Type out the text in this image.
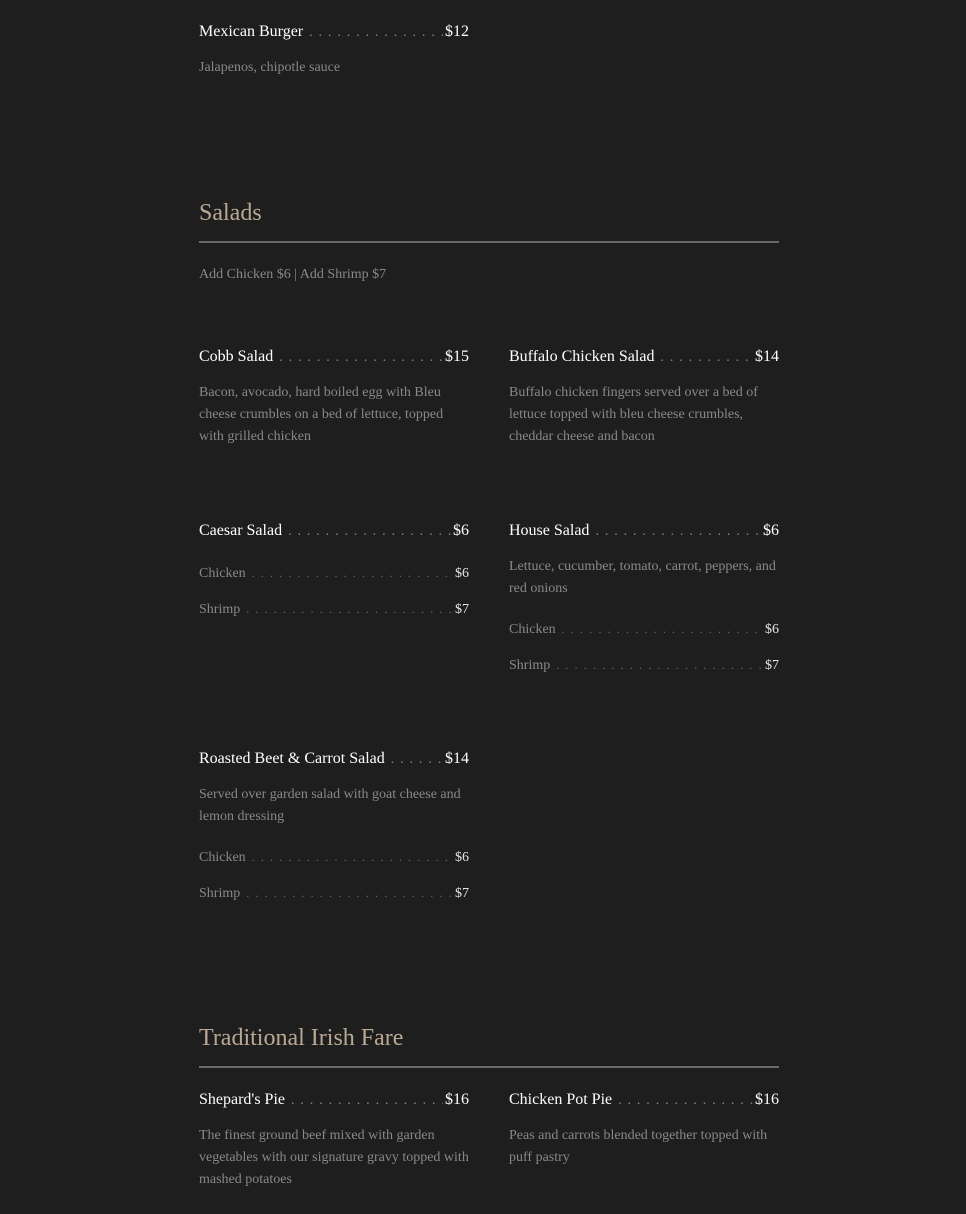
Mexican Burger . . .	$12
Jalapenos, chipotle sauce
Salads
Add Chicken $6 | Add Shrimp $7
Cobb Salad . . .	$15
Bacon, avocado, hard boiled egg with Bleu cheese crumbles on a bed of lettuce, topped with grilled chicken
Buffalo Chicken Salad . . .	$14
Buffalo chicken fingers served over a bed of lettuce topped with bleu cheese crumbles, cheddar cheese and bacon
Caesar Salad . . .	$6
Chicken . . .	$6
Shrimp . . .	$7
House Salad . . .	$6
Lettuce, cucumber, tomato, carrot, peppers, and red onions
Chicken . . .	$6
Shrimp . . .	$7
Roasted Beet & Carrot Salad . . .	$14
Served over garden salad with goat cheese and lemon dressing
Chicken . . .	$6
Shrimp . . .	$7
Traditional Irish Fare
Shepard's Pie . . .	$16
The finest ground beef mixed with garden vegetables with our signature gravy topped with mashed potatoes
Chicken Pot Pie . . .	$16
Peas and carrots blended together topped with puff pastry
